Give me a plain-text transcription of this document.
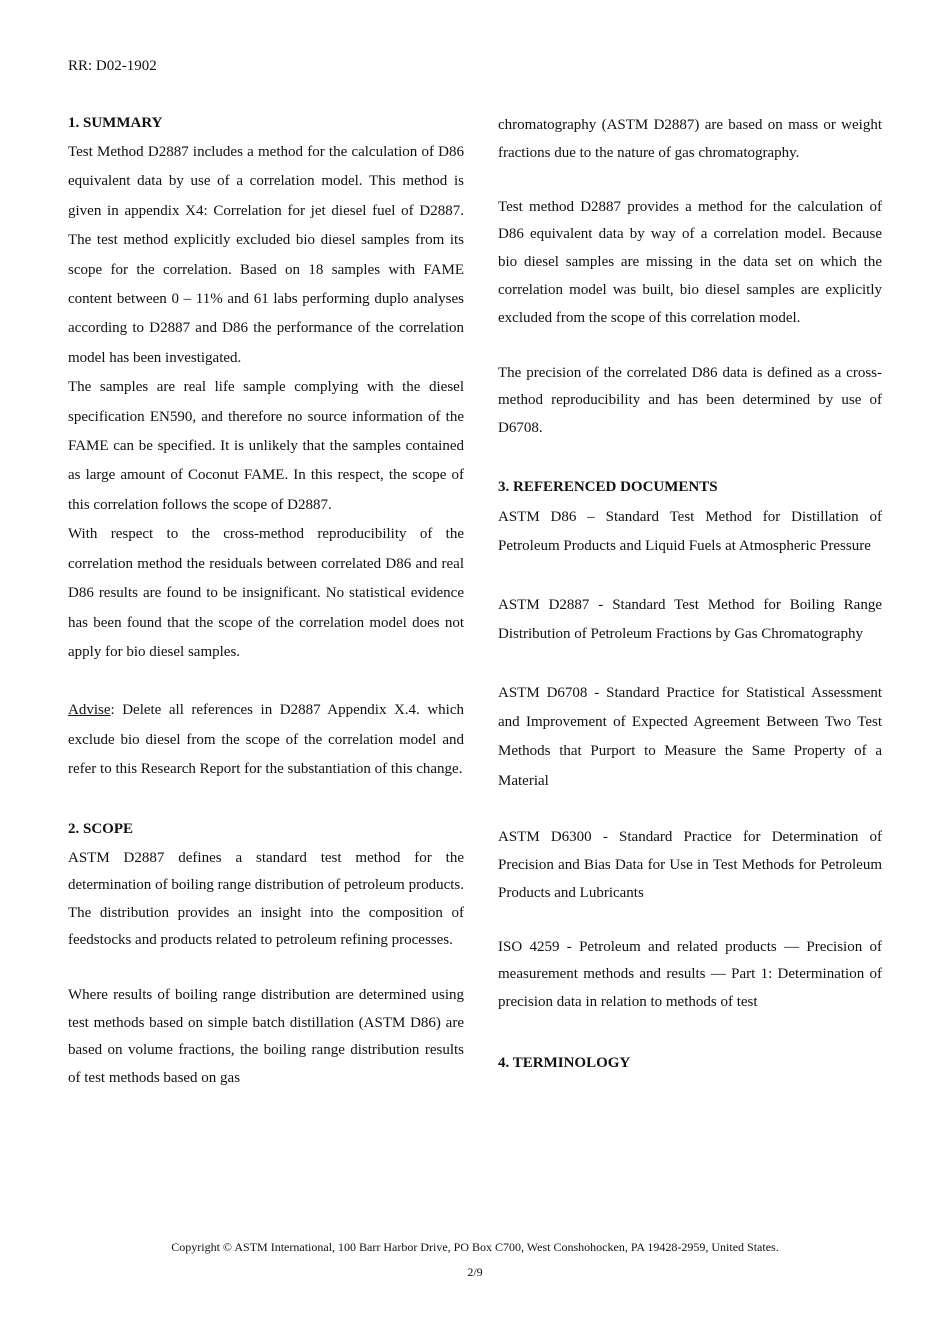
RR: D02-1902
1. SUMMARY

Test Method D2887 includes a method for the calculation of D86 equivalent data by use of a correlation model. This method is given in appendix X4: Correlation for jet diesel fuel of D2887. The test method explicitly excluded bio diesel samples from its scope for the correlation. Based on 18 samples with FAME content between 0 – 11% and 61 labs performing duplo analyses according to D2887 and D86 the performance of the correlation model has been investigated.

The samples are real life sample complying with the diesel specification EN590, and therefore no source information of the FAME can be specified. It is unlikely that the samples contained as large amount of Coconut FAME. In this respect, the scope of this correlation follows the scope of D2887.

With respect to the cross-method reproducibility of the correlation method the residuals between correlated D86 and real D86 results are found to be insignificant. No statistical evidence has been found that the scope of the correlation model does not apply for bio diesel samples.

Advise: Delete all references in D2887 Appendix X.4. which exclude bio diesel from the scope of the correlation model and refer to this Research Report for the substantiation of this change.

2. SCOPE

ASTM D2887 defines a standard test method for the determination of boiling range distribution of petroleum products. The distribution provides an insight into the composition of feedstocks and products related to petroleum refining processes.

Where results of boiling range distribution are determined using test methods based on simple batch distillation (ASTM D86) are based on volume fractions, the boiling range distribution results of test methods based on gas

chromatography (ASTM D2887) are based on mass or weight fractions due to the nature of gas chromatography.

Test method D2887 provides a method for the calculation of D86 equivalent data by way of a correlation model. Because bio diesel samples are missing in the data set on which the correlation model was built, bio diesel samples are explicitly excluded from the scope of this correlation model.

The precision of the correlated D86 data is defined as a cross-method reproducibility and has been determined by use of D6708.

3. REFERENCED DOCUMENTS

ASTM D86 – Standard Test Method for Distillation of Petroleum Products and Liquid Fuels at Atmospheric Pressure

ASTM D2887 - Standard Test Method for Boiling Range Distribution of Petroleum Fractions by Gas Chromatography

ASTM D6708 - Standard Practice for Statistical Assessment and Improvement of Expected Agreement Between Two Test Methods that Purport to Measure the Same Property of a Material

ASTM D6300 - Standard Practice for Determination of Precision and Bias Data for Use in Test Methods for Petroleum Products and Lubricants

ISO 4259 - Petroleum and related products — Precision of measurement methods and results — Part 1: Determination of precision data in relation to methods of test

4. TERMINOLOGY
Copyright © ASTM International, 100 Barr Harbor Drive, PO Box C700, West Conshohocken, PA 19428-2959, United States.
2/9
